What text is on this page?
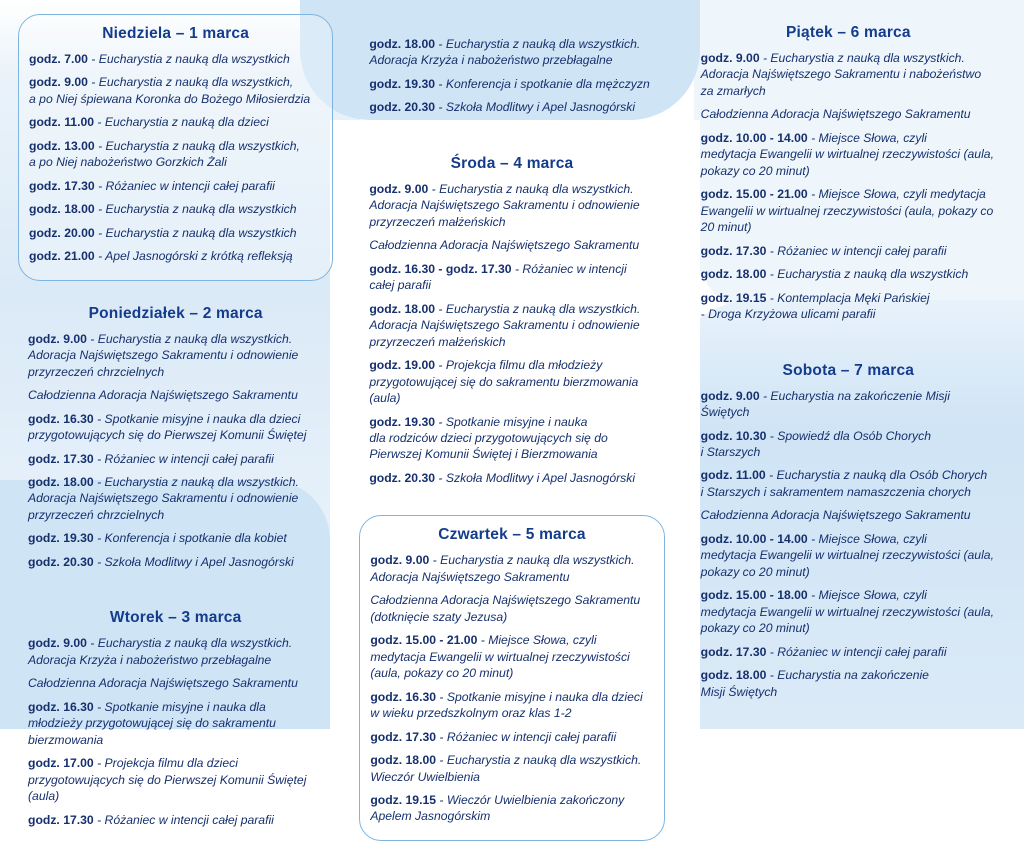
Niedziela – 1 marca
godz. 7.00 - Eucharystia z nauką dla wszystkich
godz. 9.00 - Eucharystia z nauką dla wszystkich,
a po Niej śpiewana Koronka do Bożego Miłosierdzia
godz. 11.00 - Eucharystia z nauką dla dzieci
godz. 13.00 - Eucharystia z nauką dla wszystkich,
a po Niej nabożeństwo Gorzkich Żali
godz. 17.30 - Różaniec w intencji całej parafii
godz. 18.00 - Eucharystia z nauką dla wszystkich
godz. 20.00 - Eucharystia z nauką dla wszystkich
godz. 21.00 - Apel Jasnogórski z krótką refleksją
Poniedziałek – 2 marca
godz. 9.00 - Eucharystia z nauką dla wszystkich.
Adoracja Najświętszego Sakramentu i odnowienie przyrzeczeń chrzcielnych
Całodzienna Adoracja Najświętszego Sakramentu
godz. 16.30 - Spotkanie misyjne i nauka dla dzieci
przygotowujących się do Pierwszej Komunii Świętej
godz. 17.30 - Różaniec w intencji całej parafii
godz. 18.00 - Eucharystia z nauką dla wszystkich.
Adoracja Najświętszego Sakramentu i odnowienie przyrzeczeń chrzcielnych
godz. 19.30 - Konferencja i spotkanie dla kobiet
godz. 20.30 - Szkoła Modlitwy i Apel Jasnogórski
Wtorek – 3 marca
godz. 9.00 - Eucharystia z nauką dla wszystkich.
Adoracja Krzyża i nabożeństwo przebłagalne
Całodzienna Adoracja Najświętszego Sakramentu
godz. 16.30 - Spotkanie misyjne i nauka dla
młodzieży przygotowującej się do sakramentu bierzmowania
godz. 17.00 - Projekcja filmu dla dzieci
przygotowujących się do Pierwszej Komunii Świętej (aula)
godz. 17.30 - Różaniec w intencji całej parafii
godz. 18.00 - Eucharystia z nauką dla wszystkich.
Adoracja Krzyża i nabożeństwo przebłagalne
godz. 19.30 - Konferencja i spotkanie dla mężczyzn
godz. 20.30 - Szkoła Modlitwy i Apel Jasnogórski
Środa – 4 marca
godz. 9.00 - Eucharystia z nauką dla wszystkich.
Adoracja Najświętszego Sakramentu i odnowienie przyrzeczeń małżeńskich
Całodzienna Adoracja Najświętszego Sakramentu
godz. 16.30 - godz. 17.30 - Różaniec w intencji
całej parafii
godz. 18.00 - Eucharystia z nauką dla wszystkich.
Adoracja Najświętszego Sakramentu i odnowienie przyrzeczeń małżeńskich
godz. 19.00 - Projekcja filmu dla młodzieży
przygotowującej się do sakramentu bierzmowania (aula)
godz. 19.30 - Spotkanie misyjne i nauka
dla rodziców dzieci przygotowujących się do Pierwszej Komunii Świętej i Bierzmowania
godz. 20.30 - Szkoła Modlitwy i Apel Jasnogórski
Czwartek – 5 marca
godz. 9.00 - Eucharystia z nauką dla wszystkich.
Adoracja Najświętszego Sakramentu
Całodzienna Adoracja Najświętszego Sakramentu (dotknięcie szaty Jezusa)
godz. 15.00 - 21.00 - Miejsce Słowa, czyli
medytacja Ewangelii w wirtualnej rzeczywistości (aula, pokazy co 20 minut)
godz. 16.30 - Spotkanie misyjne i nauka dla dzieci
w wieku przedszkolnym oraz klas 1-2
godz. 17.30 - Różaniec w intencji całej parafii
godz. 18.00 - Eucharystia z nauką dla wszystkich.
Wieczór Uwielbienia
godz. 19.15 - Wieczór Uwielbienia zakończony
Apelem Jasnogórskim
Piątek – 6 marca
godz. 9.00 - Eucharystia z nauką dla wszystkich.
Adoracja Najświętszego Sakramentu i nabożeństwo za zmarłych
Całodzienna Adoracja Najświętszego Sakramentu
godz. 10.00 - 14.00 - Miejsce Słowa, czyli
medytacja Ewangelii w wirtualnej rzeczywistości (aula, pokazy co 20 minut)
godz. 15.00 - 21.00 - Miejsce Słowa, czyli medytacja
Ewangelii w wirtualnej rzeczywistości (aula, pokazy co 20 minut)
godz. 17.30 - Różaniec w intencji całej parafii
godz. 18.00 - Eucharystia z nauką dla wszystkich
godz. 19.15 - Kontemplacja Męki Pańskiej
- Droga Krzyżowa ulicami parafii
Sobota – 7 marca
godz. 9.00 - Eucharystia na zakończenie Misji
Świętych
godz. 10.30 - Spowiedź dla Osób Chorych
i Starszych
godz. 11.00 - Eucharystia z nauką dla Osób Chorych
i Starszych i sakramentem namaszczenia chorych
Całodzienna Adoracja Najświętszego Sakramentu
godz. 10.00 - 14.00 - Miejsce Słowa, czyli
medytacja Ewangelii w wirtualnej rzeczywistości (aula, pokazy co 20 minut)
godz. 15.00 - 18.00 - Miejsce Słowa, czyli
medytacja Ewangelii w wirtualnej rzeczywistości (aula, pokazy co 20 minut)
godz. 17.30 - Różaniec w intencji całej parafii
godz. 18.00 - Eucharystia na zakończenie
Misji Świętych
